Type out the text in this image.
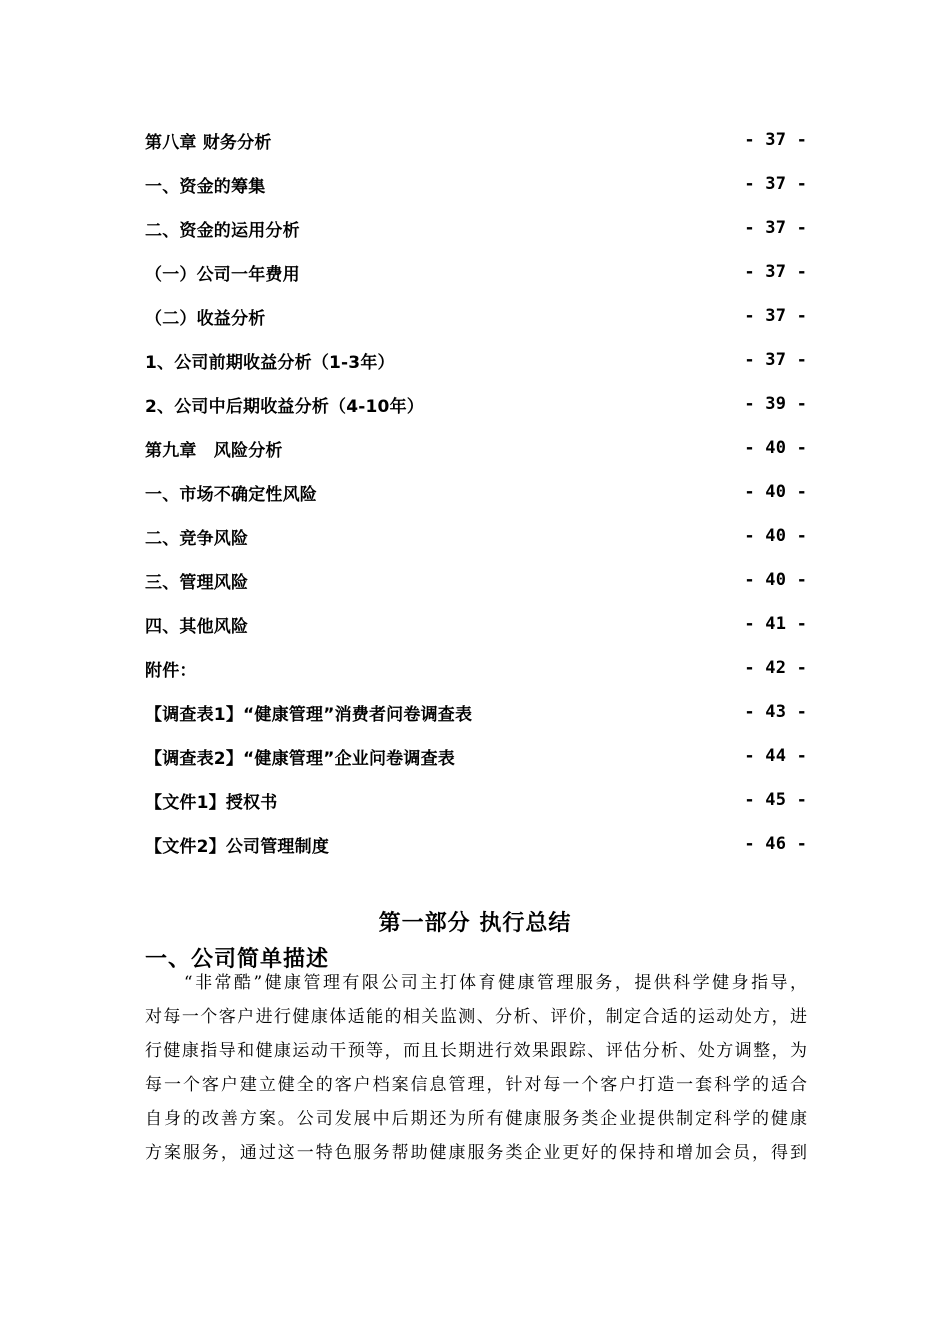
第八章 财务分析	- 37 -
一、资金的筹集	- 37 -
二、资金的运用分析	- 37 -
（一）公司一年费用	- 37 -
（二）收益分析	- 37 -
1、公司前期收益分析（1-3年）	- 37 -
2、公司中后期收益分析（4-10年）	- 39 -
第九章　风险分析	- 40 -
一、市场不确定性风险	- 40 -
二、竞争风险	- 40 -
三、管理风险	- 40 -
四、其他风险	- 41 -
附件：	- 42 -
【调查表1】“健康管理”消费者问卷调查表	- 43 -
【调查表2】“健康管理”企业问卷调查表	- 44 -
【文件1】授权书	- 45 -
【文件2】公司管理制度	- 46 -
第一部分 执行总结
一、公司简单描述
　　“非常酷”健康管理有限公司主打体育健康管理服务，提供科学健身指导，
对每一个客户进行健康体适能的相关监测、分析、评价，制定合适的运动处方，进
行健康指导和健康运动干预等，而且长期进行效果跟踪、评估分析、处方调整，为
每一个客户建立健全的客户档案信息管理，针对每一个客户打造一套科学的适合
自身的改善方案。公司发展中后期还为所有健康服务类企业提供制定科学的健康
方案服务，通过这一特色服务帮助健康服务类企业更好的保持和增加会员，得到
